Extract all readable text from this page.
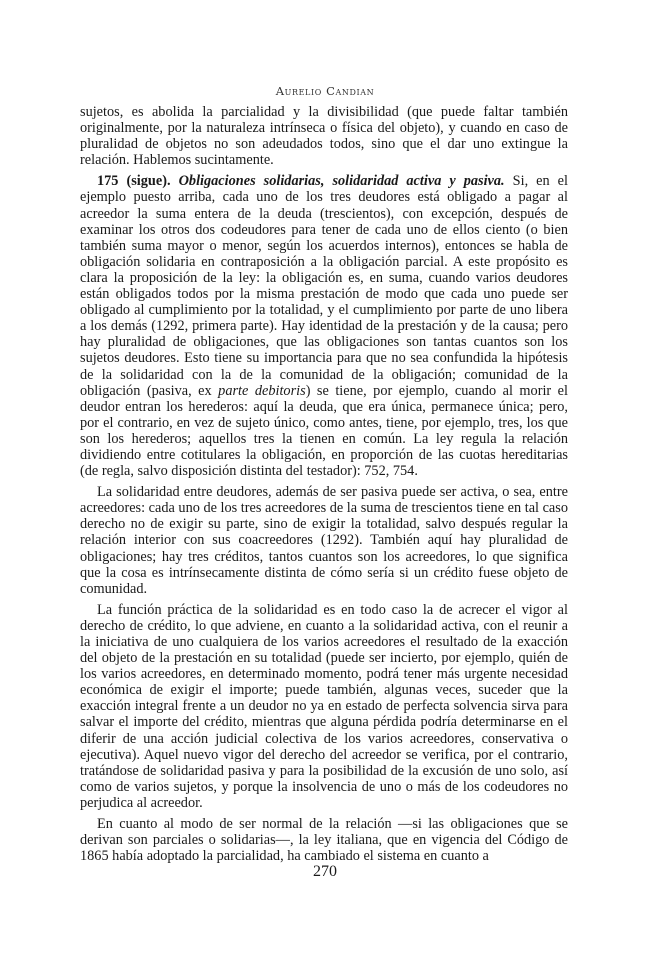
Aurelio Candian

sujetos, es abolida la parcialidad y la divisibilidad (que puede faltar también originalmente, por la naturaleza intrínseca o física del objeto), y cuando en caso de pluralidad de objetos no son adeudados todos, sino que el dar uno extingue la relación. Hablemos sucintamente.

175 (sigue). Obligaciones solidarias, solidaridad activa y pasiva. Si, en el ejemplo puesto arriba, cada uno de los tres deudores está obligado a pagar al acreedor la suma entera de la deuda (trescientos), con excepción, después de examinar los otros dos codeudores para tener de cada uno de ellos ciento (o bien también suma mayor o menor, según los acuerdos internos), entonces se habla de obligación solidaria en contraposición a la obligación parcial. A este propósito es clara la proposición de la ley: la obligación es, en suma, cuando varios deudores están obligados todos por la misma prestación de modo que cada uno puede ser obligado al cumplimiento por la totalidad, y el cumplimiento por parte de uno libera a los demás (1292, primera parte). Hay identidad de la prestación y de la causa; pero hay pluralidad de obligaciones, que las obligaciones son tantas cuantos son los sujetos deudores. Esto tiene su importancia para que no sea confundida la hipótesis de la solidaridad con la de la comunidad de la obligación; comunidad de la obligación (pasiva, ex parte debitoris) se tiene, por ejemplo, cuando al morir el deudor entran los herederos: aquí la deuda, que era única, permanece única; pero, por el contrario, en vez de sujeto único, como antes, tiene, por ejemplo, tres, los que son los herederos; aquellos tres la tienen en común. La ley regula la relación dividiendo entre cotitulares la obligación, en proporción de las cuotas hereditarias (de regla, salvo disposición distinta del testador): 752, 754.

La solidaridad entre deudores, además de ser pasiva puede ser activa, o sea, entre acreedores: cada uno de los tres acreedores de la suma de trescientos tiene en tal caso derecho no de exigir su parte, sino de exigir la totalidad, salvo después regular la relación interior con sus coacreedores (1292). También aquí hay pluralidad de obligaciones; hay tres créditos, tantos cuantos son los acreedores, lo que significa que la cosa es intrínsecamente distinta de cómo sería si un crédito fuese objeto de comunidad.

La función práctica de la solidaridad es en todo caso la de acrecer el vigor al derecho de crédito, lo que adviene, en cuanto a la solidaridad activa, con el reunir a la iniciativa de uno cualquiera de los varios acreedores el resultado de la exacción del objeto de la prestación en su totalidad (puede ser incierto, por ejemplo, quién de los varios acreedores, en determinado momento, podrá tener más urgente necesidad económica de exigir el importe; puede también, algunas veces, suceder que la exacción integral frente a un deudor no ya en estado de perfecta solvencia sirva para salvar el importe del crédito, mientras que alguna pérdida podría determinarse en el diferir de una acción judicial colectiva de los varios acreedores, conservativa o ejecutiva). Aquel nuevo vigor del derecho del acreedor se verifica, por el contrario, tratándose de solidaridad pasiva y para la posibilidad de la excusión de uno solo, así como de varios sujetos, y porque la insolvencia de uno o más de los codeudores no perjudica al acreedor.

En cuanto al modo de ser normal de la relación —si las obligaciones que se derivan son parciales o solidarias—, la ley italiana, que en vigencia del Código de 1865 había adoptado la parcialidad, ha cambiado el sistema en cuanto a

270
